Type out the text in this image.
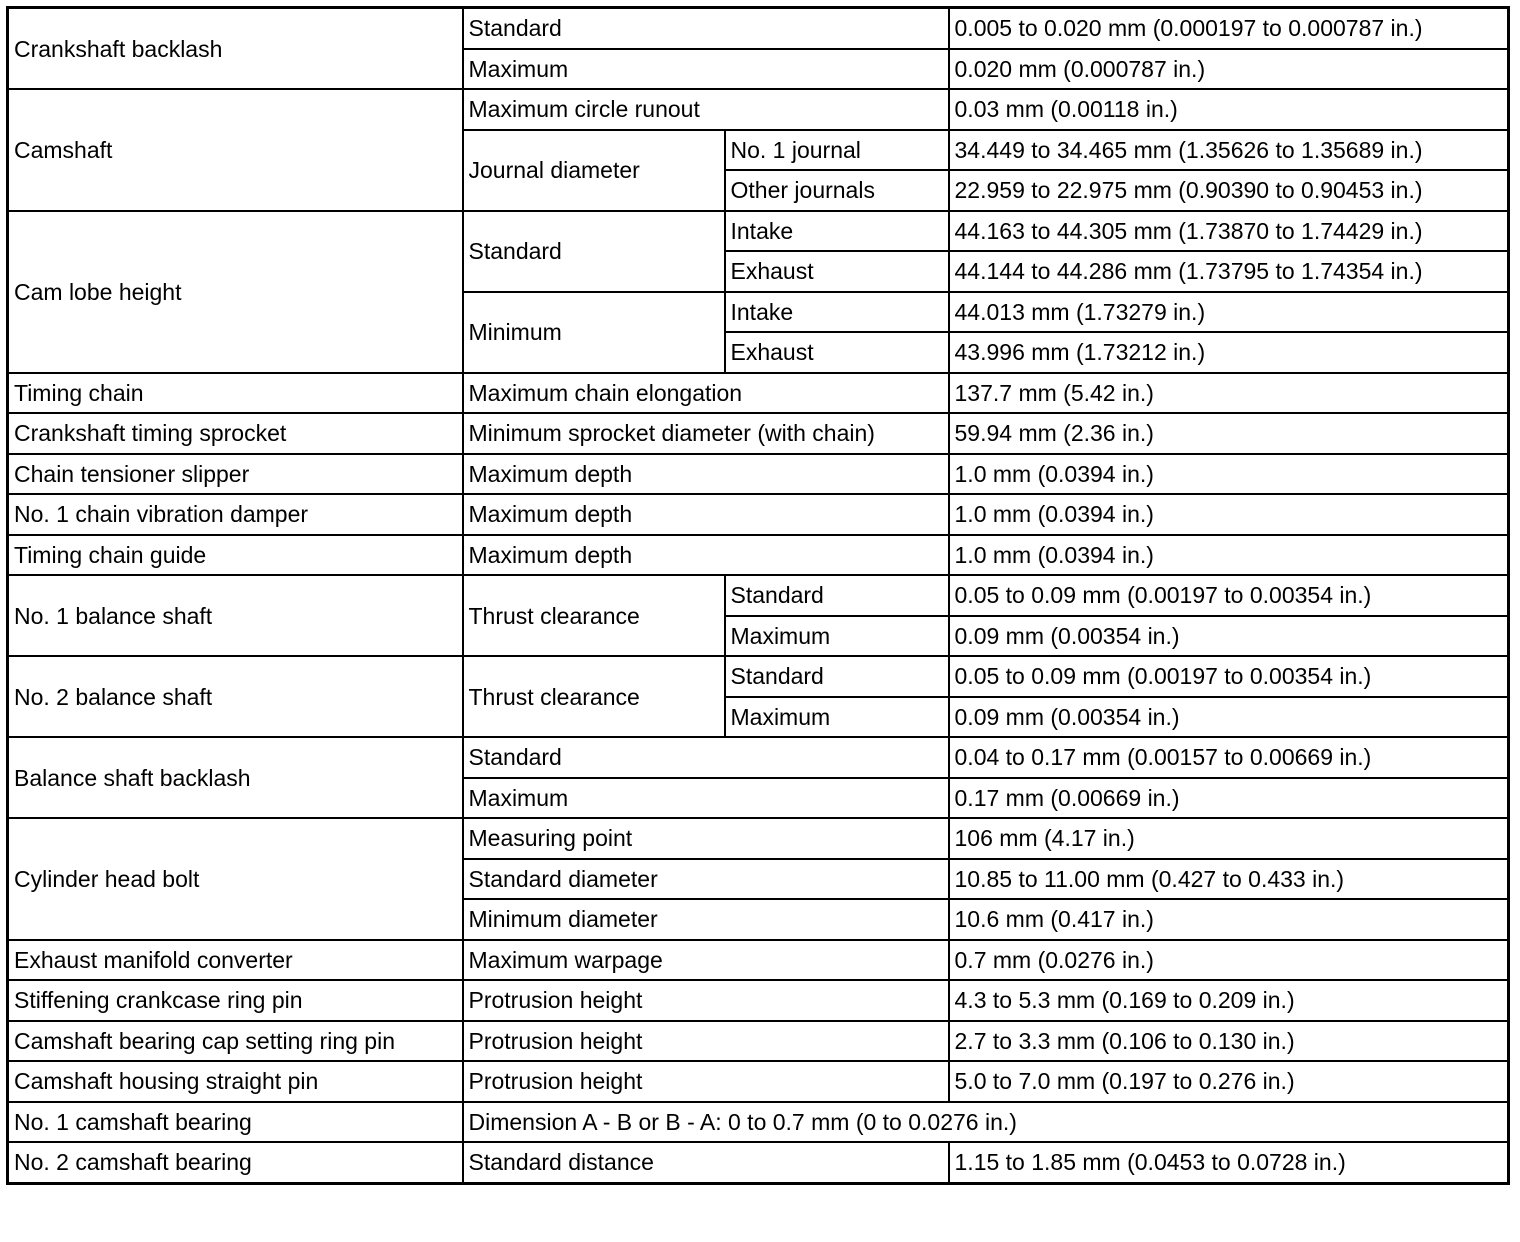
Crankshaft backlash	Standard		0.005 to 0.020 mm (0.000197 to 0.000787 in.)
	Maximum		0.020 mm (0.000787 in.)
Camshaft	Maximum circle runout		0.03 mm (0.00118 in.)
	Journal diameter	No. 1 journal	34.449 to 34.465 mm (1.35626 to 1.35689 in.)
		Other journals	22.959 to 22.975 mm (0.90390 to 0.90453 in.)
Cam lobe height	Standard	Intake	44.163 to 44.305 mm (1.73870 to 1.74429 in.)
		Exhaust	44.144 to 44.286 mm (1.73795 to 1.74354 in.)
	Minimum	Intake	44.013 mm (1.73279 in.)
		Exhaust	43.996 mm (1.73212 in.)
Timing chain	Maximum chain elongation		137.7 mm (5.42 in.)
Crankshaft timing sprocket	Minimum sprocket diameter (with chain)		59.94 mm (2.36 in.)
Chain tensioner slipper	Maximum depth		1.0 mm (0.0394 in.)
No. 1 chain vibration damper	Maximum depth		1.0 mm (0.0394 in.)
Timing chain guide	Maximum depth		1.0 mm (0.0394 in.)
No. 1 balance shaft	Thrust clearance	Standard	0.05 to 0.09 mm (0.00197 to 0.00354 in.)
		Maximum	0.09 mm (0.00354 in.)
No. 2 balance shaft	Thrust clearance	Standard	0.05 to 0.09 mm (0.00197 to 0.00354 in.)
		Maximum	0.09 mm (0.00354 in.)
Balance shaft backlash	Standard		0.04 to 0.17 mm (0.00157 to 0.00669 in.)
	Maximum		0.17 mm (0.00669 in.)
Cylinder head bolt	Measuring point		106 mm (4.17 in.)
	Standard diameter		10.85 to 11.00 mm (0.427 to 0.433 in.)
	Minimum diameter		10.6 mm (0.417 in.)
Exhaust manifold converter	Maximum warpage		0.7 mm (0.0276 in.)
Stiffening crankcase ring pin	Protrusion height		4.3 to 5.3 mm (0.169 to 0.209 in.)
Camshaft bearing cap setting ring pin	Protrusion height		2.7 to 3.3 mm (0.106 to 0.130 in.)
Camshaft housing straight pin	Protrusion height		5.0 to 7.0 mm (0.197 to 0.276 in.)
No. 1 camshaft bearing	Dimension A - B or B - A: 0 to 0.7 mm (0 to 0.0276 in.)		
No. 2 camshaft bearing	Standard distance		1.15 to 1.85 mm (0.0453 to 0.0728 in.)
